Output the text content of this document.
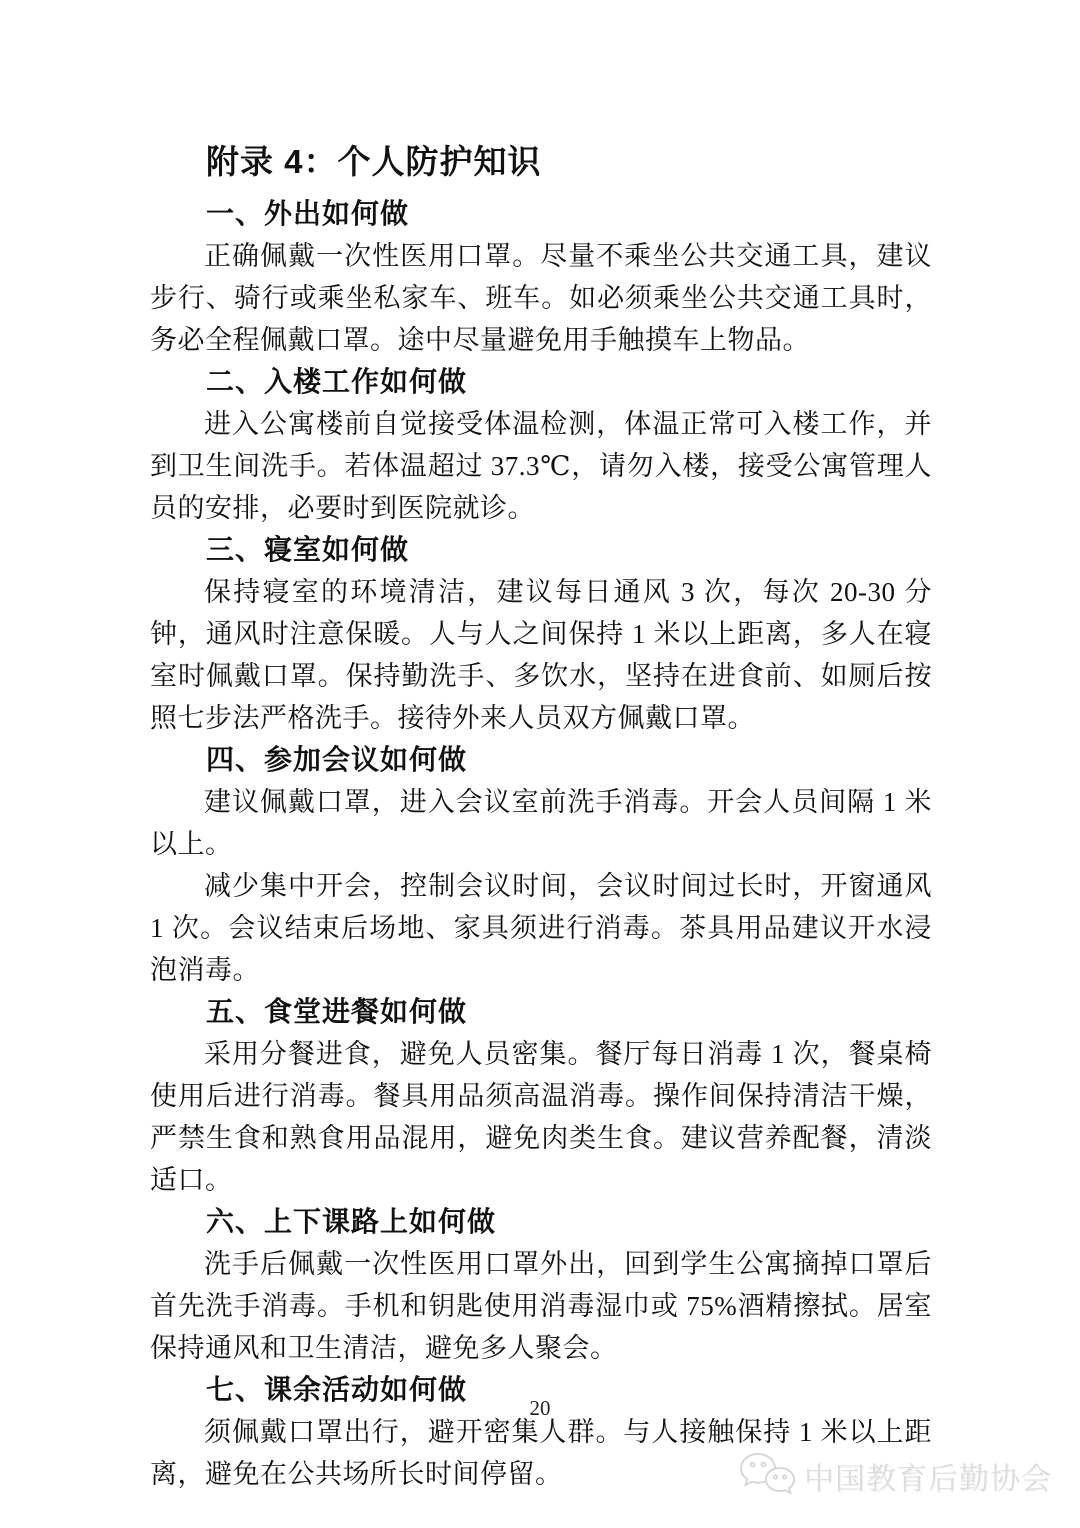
附录 4：个人防护知识
一、外出如何做

正确佩戴一次性医用口罩。尽量不乘坐公共交通工具，建议步行、骑行或乘坐私家车、班车。如必须乘坐公共交通工具时，务必全程佩戴口罩。途中尽量避免用手触摸车上物品。

二、入楼工作如何做

进入公寓楼前自觉接受体温检测，体温正常可入楼工作，并到卫生间洗手。若体温超过 37.3℃，请勿入楼，接受公寓管理人员的安排，必要时到医院就诊。

三、寝室如何做

保持寝室的环境清洁，建议每日通风 3 次，每次 20-30 分钟，通风时注意保暖。人与人之间保持 1 米以上距离，多人在寝室时佩戴口罩。保持勤洗手、多饮水，坚持在进食前、如厕后按照七步法严格洗手。接待外来人员双方佩戴口罩。

四、参加会议如何做

建议佩戴口罩，进入会议室前洗手消毒。开会人员间隔 1 米以上。

减少集中开会，控制会议时间，会议时间过长时，开窗通风 1 次。会议结束后场地、家具须进行消毒。茶具用品建议开水浸泡消毒。

五、食堂进餐如何做

采用分餐进食，避免人员密集。餐厅每日消毒 1 次，餐桌椅使用后进行消毒。餐具用品须高温消毒。操作间保持清洁干燥，严禁生食和熟食用品混用，避免肉类生食。建议营养配餐，清淡适口。

六、上下课路上如何做

洗手后佩戴一次性医用口罩外出，回到学生公寓摘掉口罩后首先洗手消毒。手机和钥匙使用消毒湿巾或 75%酒精擦拭。居室保持通风和卫生清洁，避免多人聚会。

七、课余活动如何做

须佩戴口罩出行，避开密集人群。与人接触保持 1 米以上距离，避免在公共场所长时间停留。

20
中国教育后勤协会
